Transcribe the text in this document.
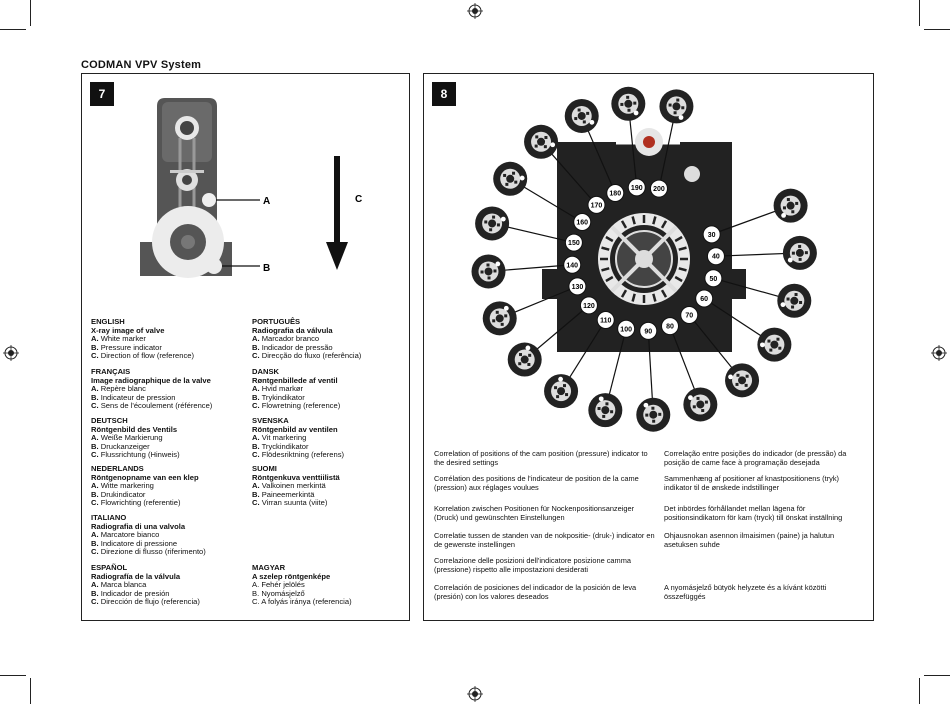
CODMAN VPV System
7
A
B
C
ENGLISH
X-ray image of valve
A. White marker
B. Pressure indicator
C. Direction of flow (reference)
PORTUGUÊS
Radiografia da válvula
A. Marcador branco
B. Indicador de pressão
C. Direcção do fluxo (referência)
FRANÇAIS
Image radiographique de la valve
A. Repère blanc
B. Indicateur de pression
C. Sens de l'écoulement (référence)
DANSK
Røntgenbillede af ventil
A. Hvid markør
B. Trykindikator
C. Flowretning (reference)
DEUTSCH
Röntgenbild des Ventils
A. Weiße Markierung
B. Druckanzeiger
C. Flussrichtung (Hinweis)
SVENSKA
Röntgenbild av ventilen
A. Vit markering
B. Tryckindikator
C. Flödesriktning (referens)
NEDERLANDS
Röntgenopname van een klep
A. Witte markering
B. Drukindicator
C. Flowrichting (referentie)
SUOMI
Röntgenkuva venttiilistä
A. Valkoinen merkintä
B. Paineemerkintä
C. Virran suunta (viite)
ITALIANO
Radiografia di una valvola
A. Marcatore bianco
B. Indicatore di pressione
C. Direzione di flusso (riferimento)
ESPAÑOL
Radiografía de la válvula
A. Marca blanca
B. Indicador de presión
C. Dirección de flujo (referencia)
MAGYAR
A szelep röntgenképe
A. Fehér jelölés
B. Nyomásjelző
C. A folyás iránya (referencia)
8
30
40
50
60
70
80
90
100
110
120
130
140
150
160
170
180
190 200
Correlation of positions of the cam position (pressure) indicator to the desired settings
Corrélation des positions de l'indicateur de position de la came (pression) aux réglages voulues
Korrelation zwischen Positionen für Nockenpositionsanzeiger (Druck) und gewünschten Einstellungen
Correlatie tussen de standen van de nokpositie- (druk-) indicator en de gewenste instellingen
Correlazione delle posizioni dell'indicatore posizione camma (pressione) rispetto alle impostazioni desiderati
Correlación de posiciones del indicador de la posición de leva (presión) con los valores deseados
Correlação entre posições do indicador (de pressão) da posição de came face à programação desejada
Sammenhæng af positioner af knastpositionens (tryk) indikator til de ønskede indstillinger
Det inbördes förhållandet mellan lägena för positionsindikatorn för kam (tryck) till önskat inställning
Ohjausnokan asennon ilmaisimen (paine) ja halutun asetuksen suhde
A nyomásjelző bütyök helyzete és a kívánt közötti összefüggés
